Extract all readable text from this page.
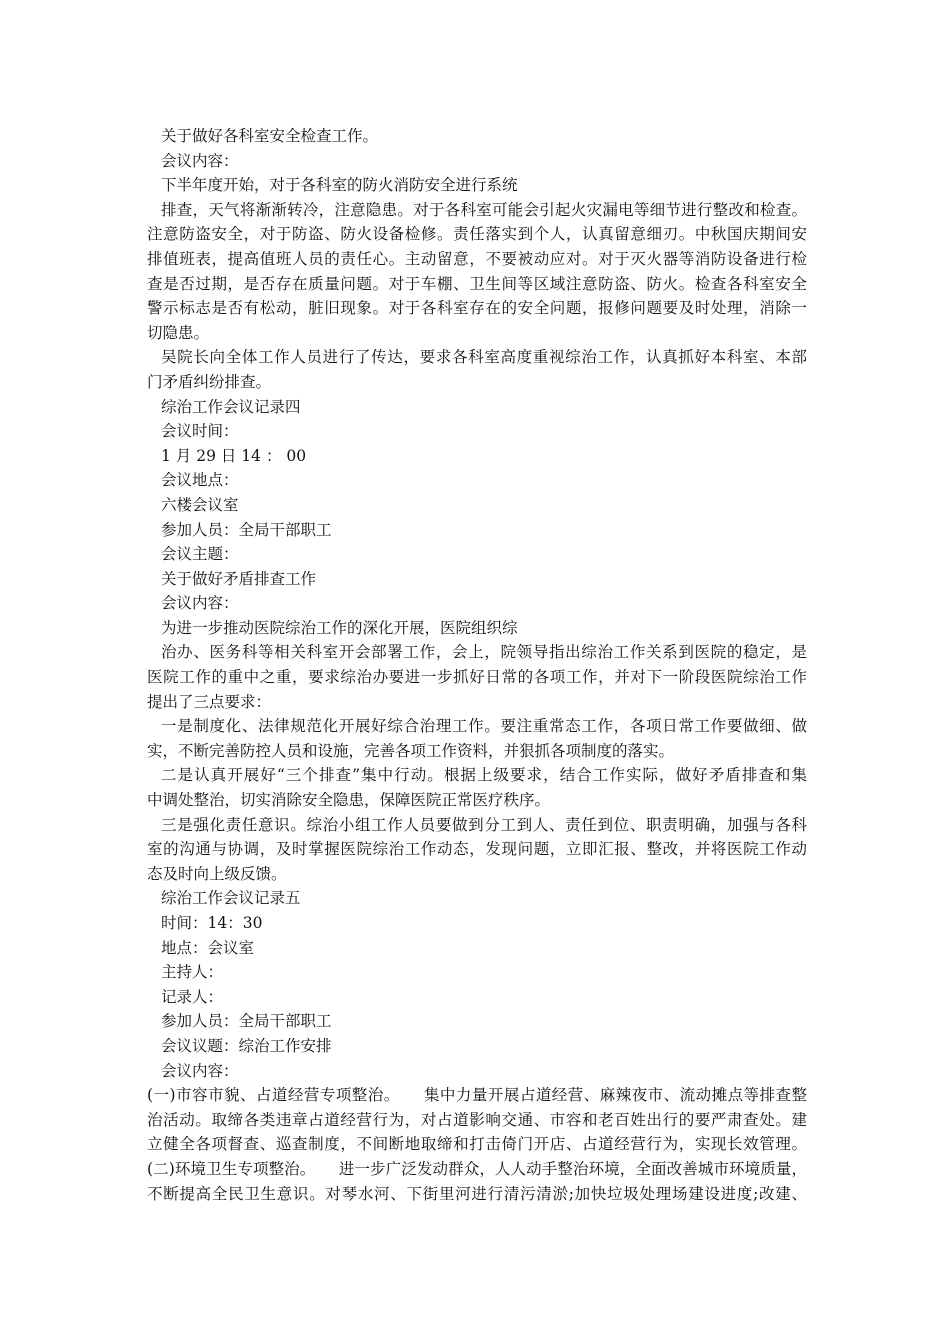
关于做好各科室安全检查工作。
会议内容：
下半年度开始，对于各科室的防火消防安全进行系统
排查，天气将渐渐转冷，注意隐患。对于各科室可能会引起火灾漏电等细节进行整改和检查。
注意防盗安全，对于防盗、防火设备检修。责任落实到个人，认真留意细刃。中秋国庆期间安
排值班表，提高值班人员的责任心。主动留意，不要被动应对。对于灭火器等消防设备进行检
查是否过期，是否存在质量问题。对于车棚、卫生间等区域注意防盗、防火。检查各科室安全
警示标志是否有松动，脏旧现象。对于各科室存在的安全问题，报修问题要及时处理，消除一
切隐患。
吴院长向全体工作人员进行了传达，要求各科室高度重视综治工作，认真抓好本科室、本部
门矛盾纠纷排查。
综治工作会议记录四
会议时间：
1 月 29 日 14 ： 00
会议地点：
六楼会议室
参加人员：全局干部职工
会议主题：
关于做好矛盾排查工作
会议内容：
为进一步推动医院综治工作的深化开展，医院组织综
治办、医务科等相关科室开会部署工作，会上，院领导指出综治工作关系到医院的稳定，是
医院工作的重中之重，要求综治办要进一步抓好日常的各项工作，并对下一阶段医院综治工作
提出了三点要求：
一是制度化、法律规范化开展好综合治理工作。要注重常态工作，各项日常工作要做细、做
实，不断完善防控人员和设施，完善各项工作资料，并狠抓各项制度的落实。
二是认真开展好“三个排查”集中行动。根据上级要求，结合工作实际，做好矛盾排查和集
中调处整治，切实消除安全隐患，保障医院正常医疗秩序。
三是强化责任意识。综治小组工作人员要做到分工到人、责任到位、职责明确，加强与各科
室的沟通与协调，及时掌握医院综治工作动态，发现问题，立即汇报、整改，并将医院工作动
态及时向上级反馈。
综治工作会议记录五
时间：14：30
地点：会议室
主持人：
记录人：
参加人员：全局干部职工
会议议题：综治工作安排
会议内容：
(一)市容市貌、占道经营专项整治。　　集中力量开展占道经营、麻辣夜市、流动摊点等排查整
治活动。取缔各类违章占道经营行为，对占道影响交通、市容和老百姓出行的要严肃查处。建
立健全各项督查、巡查制度，不间断地取缔和打击倚门开店、占道经营行为，实现长效管理。
(二)环境卫生专项整治。　　进一步广泛发动群众，人人动手整治环境，全面改善城市环境质量，
不断提高全民卫生意识。对琴水河、下街里河进行清污清淤;加快垃圾处理场建设进度;改建、
